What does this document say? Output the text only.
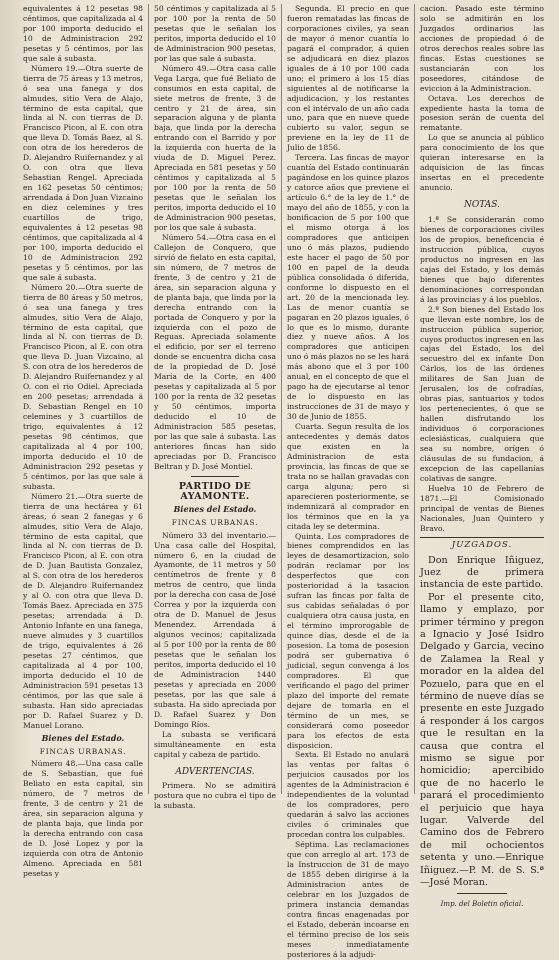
equivalentes á 12 pesetas 98 céntimos, que capitalizada al 4 por 100 importa deducido el 10 de Administracion 292 pesetas y 5 céntimos, por las que sale á subasta.

Número 19.—Otra suerte de tierra de 75 áreas y 13 metros, ó sea una fanega y dos almudes, sitio Vera de Alajo, término de esta capital, que linda al N. con tierras de D. Francisco Picon, al E. con otra que lleva D. Tomás Baez, al S. con otra de los herederos de D. Alejandro Ruifernandez y al O. con otra que lleva Sebastian Rengel. Apreciada en 162 pesetas 50 céntimos; arrendada á Don Juan Vizcaino en diez celemines y tres cuartillos de trigo, equivalentes á 12 pesetas 98 céntimos, que capitalizada al 4 por 100, importa deducido el 10 de Administracion 292 pesetas y 5 céntimos, por las que sale á subasta.

Número 20.—Otra suerte de tierra de 80 áreas y 50 metros, ó sea una fanega y tres almudes, sitio Vera de Alajo, término de esta capital, que linda al N. con tierras de D. Francisco Picon, al E. con otra que lleva D. Juan Vizcaino, al S. con otra de los herederos de D. Alejandro Ruifernandez y al O. con el rio Odiel. Apreciada en 200 pesetas; arrendada á D. Sebastian Rengel en 10 celemines y 3 cuartillos de trigo, equivalentes á 12 pesetas 98 céntimos, que capitalizada al 4 por 100, importa deducido el 10 de Administracion 292 pesetas y 5 céntimos, por las que sale á subasta.

Número 21.—Otra suerte de tierra de una hectárea y 61 áreas, ó sean 2 fanegas y 6 almudes, sitio Vera de Alajo, término de esta capital, que linda al N. con tierras de D. Francisco Picon, al E. con otra de D. Juan Bautista Gonzalez, al S. con otra de los herederos de D. Alejandro Ruifernandez y al O. con otra que lleva D. Tomás Baez. Apreciada en 375 pesetas; arrendada á D. Antonio Infante en una fanega, nueve almudes y 3 cuartillos de trigo, equivalentes á 26 pesetas 27 céntimos, que capitalizada al 4 por 100, importa deducido el 10 de Administracion 591 pesetas 13 céntimos, por las que sale á subasta. Han sido apreciadas por D. Rafael Suarez y D. Manuel Lorano.

Bienes del Estado.
FINCAS URBANAS.

Número 48.—Una casa calle de S. Sebastian, que fué Beliato en esta capital, sin número, de 7 metros de frente, 3 de centro y 21 de área, sin separacion alguna y de planta baja, que linda por la derecha entrando con casa de D. José Lopez y por la izquierda con otra de Antonio Almeno. Apreciada en 581 pesetas y

50 céntimos y capitalizada al 5 por 100 por la renta de 50 pesetas que le señalan los peritos, importa deducido el 10 de Administracion 900 pesetas, por las que sale á subasta.

Número 49.—Otra casa calle Vega Larga, que fué Beliato de consumos en esta capital, de siete metros de frente, 3 de centro y 21 de área, sin separacion alguna y de planta baja, que linda por la derecha entrando con el Barrido y por la izquierda con huerta de la viuda de D. Miguel Perez. Apreciada en 581 pesetas y 50 céntimos y capitalizada al 5 por 100 por la renta de 50 pesetas que le señalan los peritos, importa deducido el 10 de Administracion 900 pesetas, por los que sale á subasta.

Número 54.—Otra casa en el Callejon de Conquero, que sirvió de fielato en esta capital, sin número, de 7 metros de frente, 3 de centro y 21 de área, sin separacion alguna y de planta baja, que linda por la derecha entrando con la portada de Conquero y por la izquierda con el pozo de Reguas. Apreciada solamente el edificio, por ser el terreno donde se encuentra dicha casa de la propiedad de D. José María de la Corte, en 400 pesetas y capitalizada al 5 por 100 por la renta de 32 pesetas y 50 céntimos, importa deducido el 10 de Administracion 585 pesetas, por las que sale á subasta. Las anteriores fincas han sido apreciadas por D. Francisco Beltran y D. José Montiel.

PARTIDO DE AYAMONTE.
Bienes del Estado.
FINCAS URBANAS.

Número 33 del inventario.—Una casa calle del Hospital, número 6, en la ciudad de Ayamonte, de 11 metros y 50 centímetros de frente y 8 metros de centro, que linda por la derecha con casa de José Correa y por la izquierda con otra de D. Manuel de Jesus Menendez. Arrendada á algunos vecinos; capitalizada al 5 por 100 por la renta de 80 pesetas que le señalan los peritos, importa deducido el 10 de Administracion 1440 pesetas y apreciada en 2000 pesetas, por las que sale á subasta. Ha sido apreciada por D. Rafael Suarez y Don Domingo Ríos.

La subasta se verificará simultáneamente en esta capital y cabeza de partido.

ADVERTENCIAS.

Primera. No se admitirá postura que no cubra el tipo de la subasta.

Segunda. El precio en que fueron rematadas las fincas de corporaciones civiles, ya sean de mayor ó menor cuantía lo pagará el comprador, á quien se adjudicará en diez plazos iguales de á 10 por 100 cada uno; el primero á los 15 días siguientes al de notificarse la adjudicacion, y los restantes con el intérvalo de un año cada uno, para que en nueve quede cubierto su valor, segun se previene en la ley de 11 de Julio de 1856.

Tercera. Las fincas de mayor cuantía del Estado continuarán pagándose en los quince plazos y catorce años que previene el artículo 6.° de la ley de 1.° de mayo del año de 1855, y con la bonificacion de 5 por 100 que el mismo otorga á los compradores que anticipen uno ó más plazos, pudiendo este hacer el pago de 50 por 100 en papel de la deuda pública consolidada ó diferida, conforme lo dispuesto en el art. 20 de la mencionada ley. Las de menor cuantía se pagaran en 20 plazos iguales, ó lo que es lo mismo, durante diez y nueve años. A los compradores que anticipen uno ó más plazos no se les hará más abono que el 3 por 100 anual, en el concepto de que el pago ha de ejecutarse al tenor de lo dispuesto en las instrucciones de 31 de mayo y 30 de Junio de 1855.

Cuarta. Segun resulta de los antecedentes y demás datos que existen en la Administracion de esta provincia, las fincas de que se trata no se hallan gravadas con carga alguna; pero si aparecieren posteriormente, se indemnizará al comprador en los términos que en la ya citada ley se determina.

Quinta. Los compradores de bienes comprendidos en las leyes de desamortizacion, solo podrán reclamar por los desperfectos que con posterioridad á la tasacion sufran las fincas por falta de sus cabidas señaladas ó por cualquiera otra causa justa, en el término improrogable de quince días, desde el de la posesion. La toma de posesion podrá ser gubernativa ó judicial, segun convenga á los compradores. El que verificando el pago del primer plazo del importe del remate dejare de tomarla en el término de un mes, se considerará como poseedor para los efectos de esta disposicion.

Sexta. El Estado no anulará las ventas por faltas ó perjuicios causados por los agentes de la Administracion é independientes de la voluntad de los compradores, pero quedarán á salvo las acciones civiles ó criminales que procedan contra los culpables.

Séptima. Las reclamaciones que con arreglo al art. 173 de la Instruccion de 31 de mayo de 1855 deben dirigirse á la Administracion antes de celebrar en los Juzgados de primera instancia demandas contra fincas enagenadas por el Estado, deberán incoarse en el término preciso de los seis meses inmediatamente posteriores á la adjudi-

cacion. Pasado este término solo se admitirán en los Juzgados ordinarios las acciones de propiedad ó de otros derechos reales sobre las fincas. Estas cuestiones se sustanciarán con los poseedores, citándose de eviccion á la Administracion.

Octava. Los derechos de expediente hasta la toma de posesion serán de cuenta del rematante.

Lo que se anuncia al público para conocimiento de los que quieran interesarse en la adquisicion de las fincas insertas en el precedente anuncio.

NOTAS.

1.ª Se considerarán como bienes de corporaciones civiles los de propios, beneficencia é instruccion pública, cuyos productos no ingresen en las cajas del Estado, y los demás bienes que bajo diferentes denominaciones correspondan á las provincias y á los pueblos.

2.ª Son bienes del Estado los que llevan este nombre, los de instruccion pública superior, cuyos productos ingresen en las cajas del Estado, los del secuestro del ex infante Don Cárlos, los de las órdenes militares de San Juan de Jerusalen, los de cofradías, obras pías, santuarios y todos los pertenecientes, ó que se hallen disfrutando los individuos ó corporaciones eclesiásticas, cualquiera que sea su nombre, orígen ó cláusulas de su fundacion, á excepcion de las capellanías colativas de sangre.

Huelva 10 de Febrero de 1871.—El Comisionado principal de ventas de Bienes Nacionales, Juan Quintero y Bravo.

JUZGADOS.

Don Enrique Iñiguez, Juez de primera instancia de este partido.

Por el presente cito, llamo y emplazo, por primer término y pregon a Ignacio y José Isidro Delgado y Garcia, vecino de Zalamea la Real y morador en la aldea del Pozuelo, para que en el término de nueve días se presente en este Juzgado á responder á los cargos que le resultan en la causa que contra el mismo se sigue por homicidio; apercibido que de no hacerlo le parará el procedimiento el perjuicio que haya lugar. Valverde del Camino dos de Febrero de mil ochocientos setenta y uno.—Enrique Iñiguez.—P. M. de S. S.ª—José Moran.

Imp. del Boletin oficial.
